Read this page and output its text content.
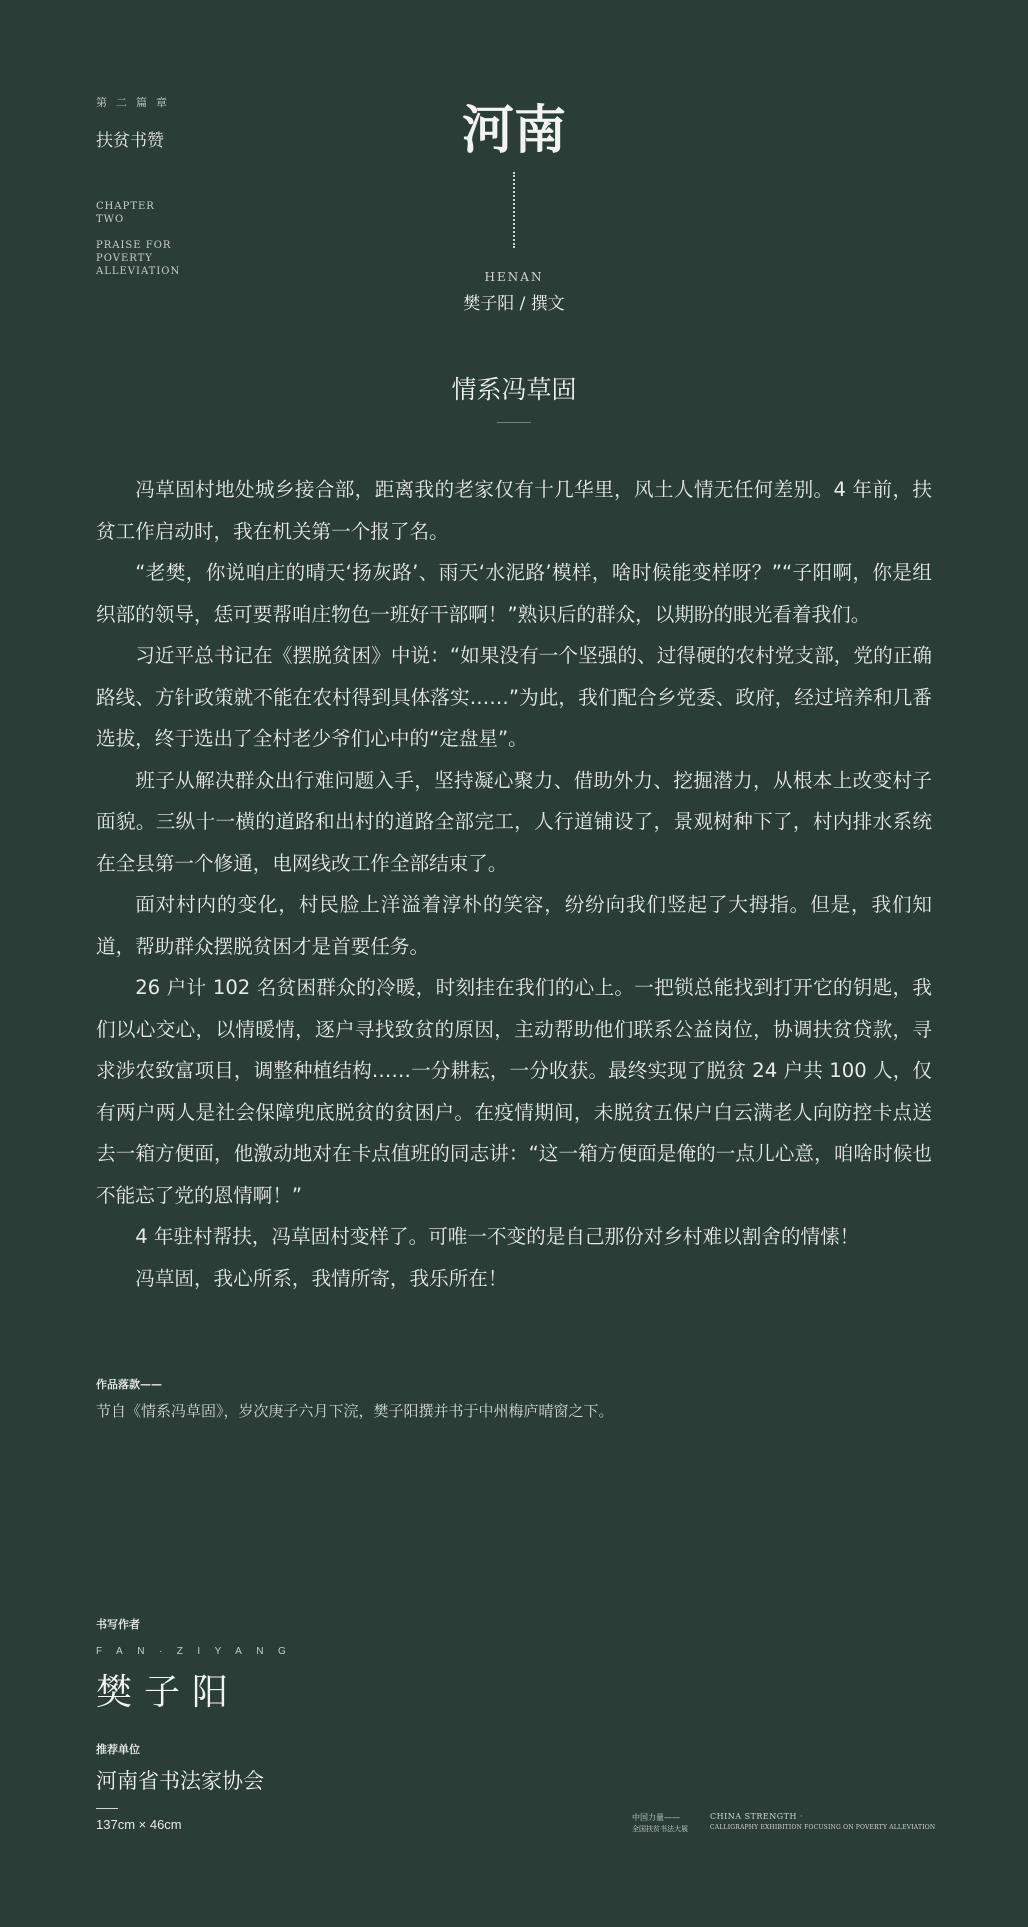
第二篇章
扶贫书赞
CHAPTER
TWO
PRAISE FOR
POVERTY
ALLEVIATION
河南
HENAN
樊子阳 / 撰文
情系冯草固

冯草固村地处城乡接合部，距离我的老家仅有十几华里，风土人情无任何差别。4 年前，扶贫工作启动时，我在机关第一个报了名。

“老樊，你说咱庄的晴天‘扬灰路’、雨天‘水泥路’模样，啥时候能变样呀？”“子阳啊，你是组织部的领导，恁可要帮咱庄物色一班好干部啊！”熟识后的群众，以期盼的眼光看着我们。

习近平总书记在《摆脱贫困》中说：“如果没有一个坚强的、过得硬的农村党支部，党的正确路线、方针政策就不能在农村得到具体落实……”为此，我们配合乡党委、政府，经过培养和几番选拔，终于选出了全村老少爷们心中的“定盘星”。

班子从解决群众出行难问题入手，坚持凝心聚力、借助外力、挖掘潜力，从根本上改变村子面貌。三纵十一横的道路和出村的道路全部完工，人行道铺设了，景观树种下了，村内排水系统在全县第一个修通，电网线改工作全部结束了。

面对村内的变化，村民脸上洋溢着淳朴的笑容，纷纷向我们竖起了大拇指。但是，我们知道，帮助群众摆脱贫困才是首要任务。

26 户计 102 名贫困群众的冷暖，时刻挂在我们的心上。一把锁总能找到打开它的钥匙，我们以心交心，以情暖情，逐户寻找致贫的原因，主动帮助他们联系公益岗位，协调扶贫贷款，寻求涉农致富项目，调整种植结构……一分耕耘，一分收获。最终实现了脱贫 24 户共 100 人，仅有两户两人是社会保障兜底脱贫的贫困户。在疫情期间，未脱贫五保户白云满老人向防控卡点送去一箱方便面，他激动地对在卡点值班的同志讲：“这一箱方便面是俺的一点儿心意，咱啥时候也不能忘了党的恩情啊！”

4 年驻村帮扶，冯草固村变样了。可唯一不变的是自己那份对乡村难以割舍的情愫！

冯草固，我心所系，我情所寄，我乐所在！

作品落款——
节自《情系冯草固》，岁次庚子六月下浣，樊子阳撰并书于中州梅庐晴窗之下。
书写作者
FAN·ZIYANG
樊子阳
推荐单位
河南省书法家协会
137cm × 46cm	中国力量——
全国扶贫书法大展
CHINA STRENGTH ·
CALLIGRAPHY EXHIBITION FOCUSING ON POVERTY ALLEVIATION
